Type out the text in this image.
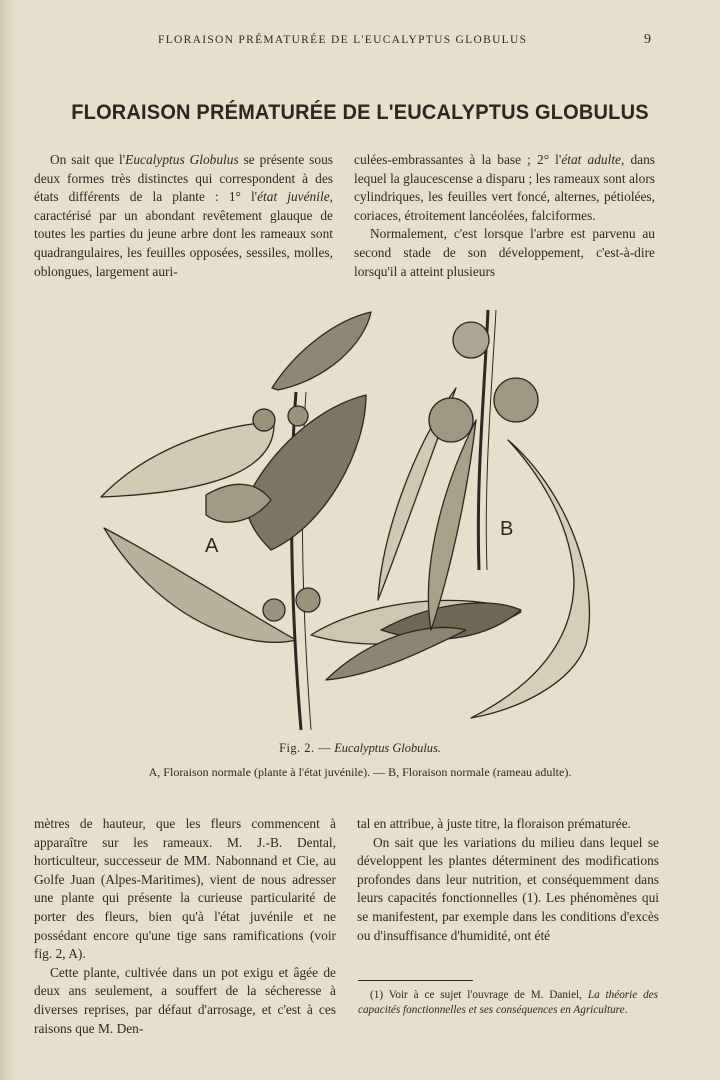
FLORAISON PRÉMATURÉE DE L'EUCALYPTUS GLOBULUS	9
FLORAISON PRÉMATURÉE DE L'EUCALYPTUS GLOBULUS

On sait que l'Eucalyptus Globulus se présente sous deux formes très distinctes qui correspondent à des états différents de la plante : 1° l'état juvénile, caractérisé par un abondant revêtement glauque de toutes les parties du jeune arbre dont les rameaux sont quadrangulaires, les feuilles opposées, sessiles, molles, oblongues, largement auri-

culées-embrassantes à la base ; 2° l'état adulte, dans lequel la glaucescense a disparu ; les rameaux sont alors cylindriques, les feuilles vert foncé, alternes, pétiolées, coriaces, étroitement lancéolées, falciformes.

Normalement, c'est lorsque l'arbre est parvenu au second stade de son développement, c'est-à-dire lorsqu'il a atteint plusieurs

A
B
Fig. 2. — Eucalyptus Globulus.
A, Floraison normale (plante à l'état juvénile). — B, Floraison normale (rameau adulte).

mètres de hauteur, que les fleurs commencent à apparaître sur les rameaux. M. J.-B. Dental, horticulteur, successeur de MM. Nabonnand et Cie, au Golfe Juan (Alpes-Maritimes), vient de nous adresser une plante qui présente la curieuse particularité de porter des fleurs, bien qu'à l'état juvénile et ne possédant encore qu'une tige sans ramifications (voir fig. 2, A).

Cette plante, cultivée dans un pot exigu et âgée de deux ans seulement, a souffert de la sécheresse à diverses reprises, par défaut d'arrosage, et c'est à ces raisons que M. Den-

tal en attribue, à juste titre, la floraison prématurée.

On sait que les variations du milieu dans lequel se développent les plantes déterminent des modifications profondes dans leur nutrition, et conséquemment dans leurs capacités fonctionnelles (1). Les phénomènes qui se manifestent, par exemple dans les conditions d'excès ou d'insuffisance d'humidité, ont été

(1) Voir à ce sujet l'ouvrage de M. Daniel, La théorie des capacités fonctionnelles et ses conséquences en Agriculture.
